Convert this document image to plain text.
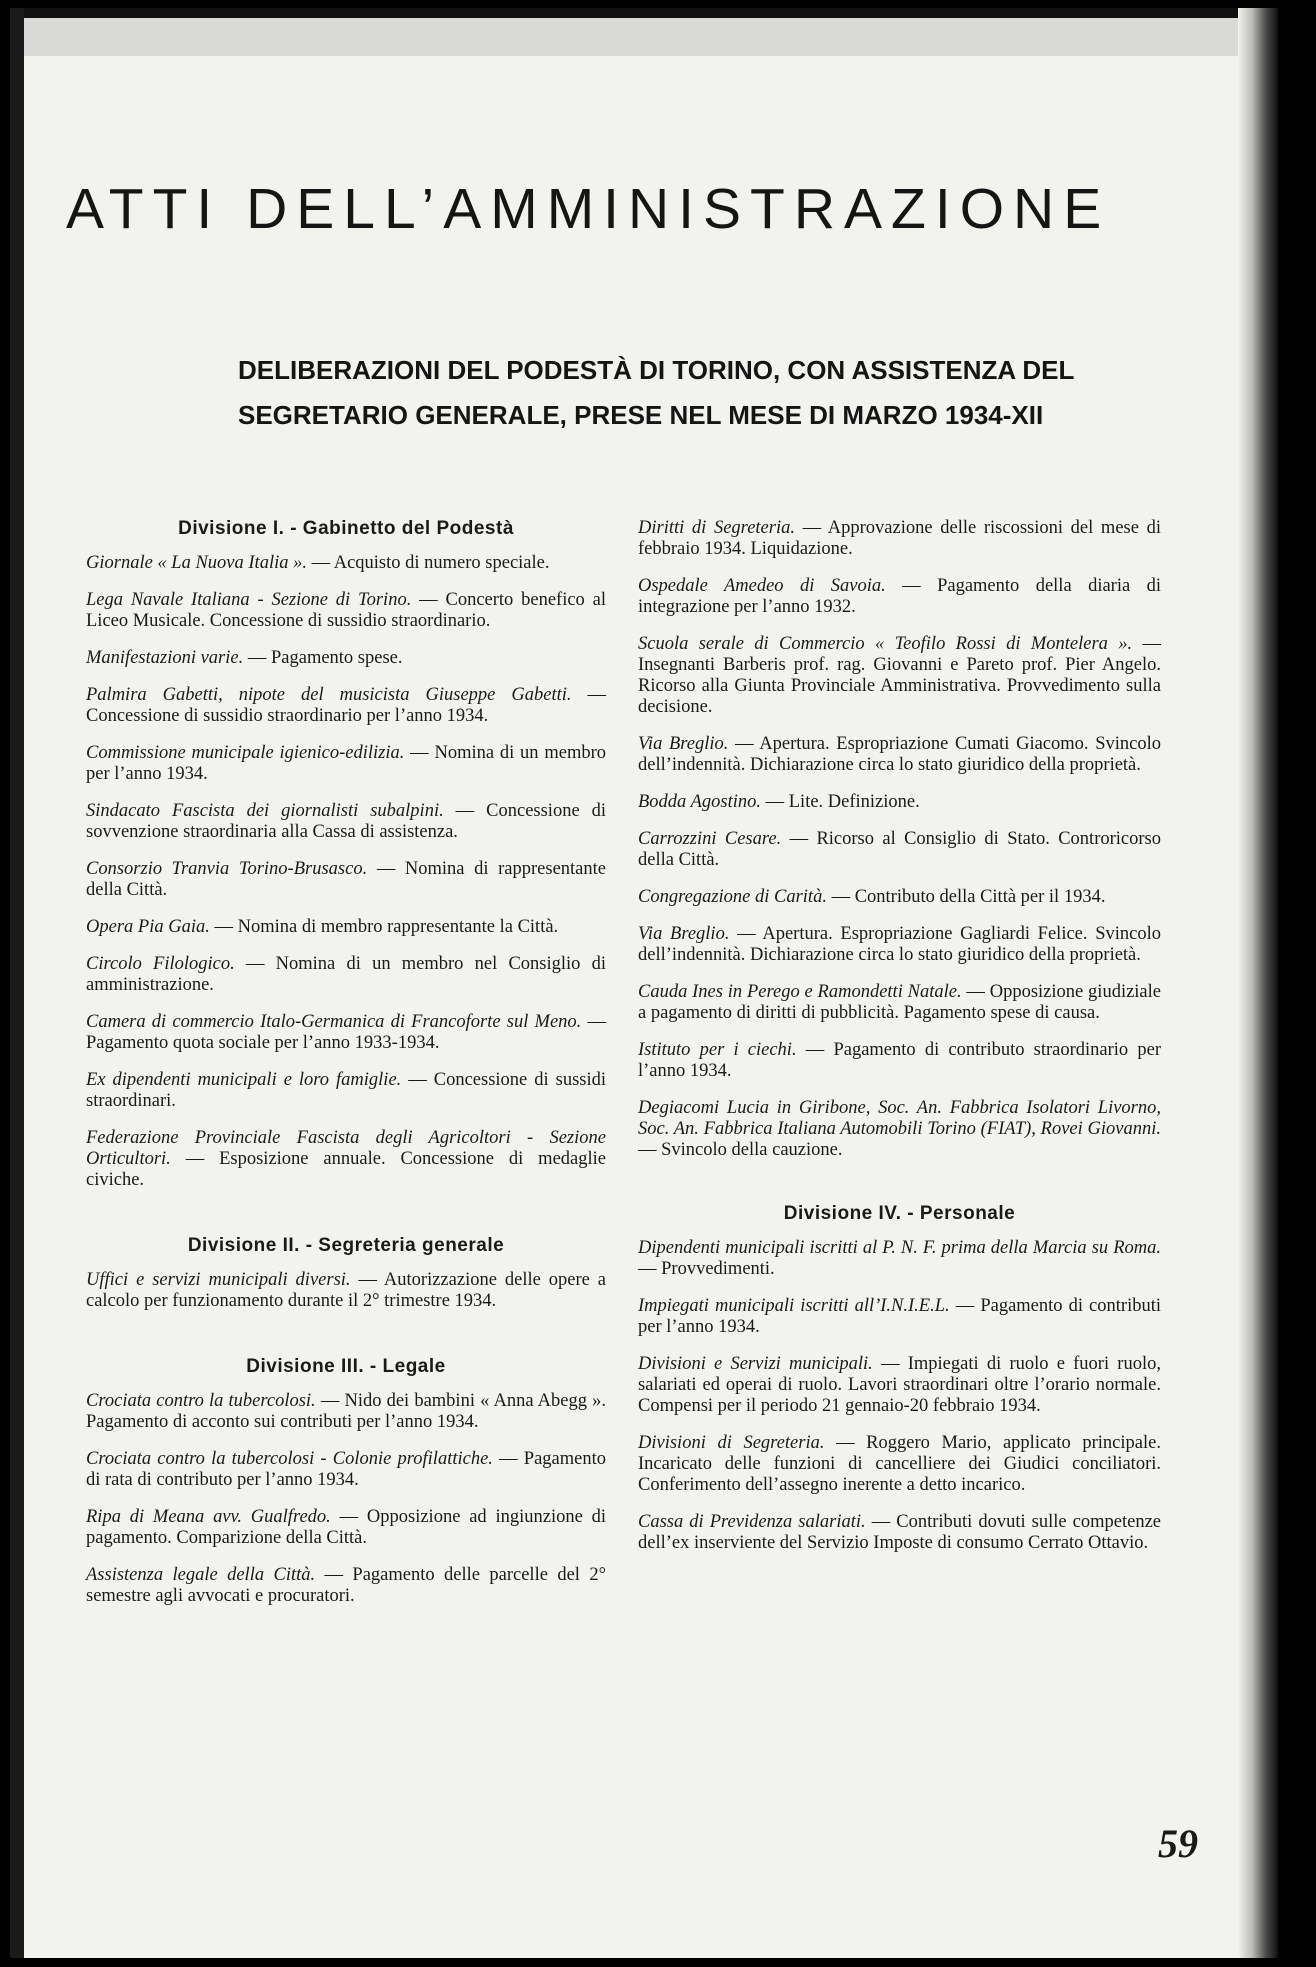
ATTI DELL’AMMINISTRAZIONE
DELIBERAZIONI DEL PODESTÀ DI TORINO, CON ASSISTENZA DEL
SEGRETARIO GENERALE, PRESE NEL MESE DI MARZO 1934-XII
Divisione I. - Gabinetto del Podestà

Giornale « La Nuova Italia ». — Acquisto di numero speciale.

Lega Navale Italiana - Sezione di Torino. — Concerto benefico al Liceo Musicale. Concessione di sussidio straordinario.

Manifestazioni varie. — Pagamento spese.

Palmira Gabetti, nipote del musicista Giuseppe Gabetti. — Concessione di sussidio straordinario per l’anno 1934.

Commissione municipale igienico-edilizia. — Nomina di un membro per l’anno 1934.

Sindacato Fascista dei giornalisti subalpini. — Concessione di sovvenzione straordinaria alla Cassa di assistenza.

Consorzio Tranvia Torino-Brusasco. — Nomina di rappresentante della Città.

Opera Pia Gaia. — Nomina di membro rappresentante la Città.

Circolo Filologico. — Nomina di un membro nel Consiglio di amministrazione.

Camera di commercio Italo-Germanica di Francoforte sul Meno. — Pagamento quota sociale per l’anno 1933-1934.

Ex dipendenti municipali e loro famiglie. — Concessione di sussidi straordinari.

Federazione Provinciale Fascista degli Agricoltori - Sezione Orticultori. — Esposizione annuale. Concessione di medaglie civiche.

Divisione II. - Segreteria generale

Uffici e servizi municipali diversi. — Autorizzazione delle opere a calcolo per funzionamento durante il 2° trimestre 1934.

Divisione III. - Legale

Crociata contro la tubercolosi. — Nido dei bambini « Anna Abegg ». Pagamento di acconto sui contributi per l’anno 1934.

Crociata contro la tubercolosi - Colonie profilattiche. — Pagamento di rata di contributo per l’anno 1934.

Ripa di Meana avv. Gualfredo. — Opposizione ad ingiunzione di pagamento. Comparizione della Città.

Assistenza legale della Città. — Pagamento delle parcelle del 2° semestre agli avvocati e procuratori.

Diritti di Segreteria. — Approvazione delle riscossioni del mese di febbraio 1934. Liquidazione.

Ospedale Amedeo di Savoia. — Pagamento della diaria di integrazione per l’anno 1932.

Scuola serale di Commercio « Teofilo Rossi di Montelera ». — Insegnanti Barberis prof. rag. Giovanni e Pareto prof. Pier Angelo. Ricorso alla Giunta Provinciale Amministrativa. Provvedimento sulla decisione.

Via Breglio. — Apertura. Espropriazione Cumati Giacomo. Svincolo dell’indennità. Dichiarazione circa lo stato giuridico della proprietà.

Bodda Agostino. — Lite. Definizione.

Carrozzini Cesare. — Ricorso al Consiglio di Stato. Controricorso della Città.

Congregazione di Carità. — Contributo della Città per il 1934.

Via Breglio. — Apertura. Espropriazione Gagliardi Felice. Svincolo dell’indennità. Dichiarazione circa lo stato giuridico della proprietà.

Cauda Ines in Perego e Ramondetti Natale. — Opposizione giudiziale a pagamento di diritti di pubblicità. Pagamento spese di causa.

Istituto per i ciechi. — Pagamento di contributo straordinario per l’anno 1934.

Degiacomi Lucia in Giribone, Soc. An. Fabbrica Isolatori Livorno, Soc. An. Fabbrica Italiana Automobili Torino (FIAT), Rovei Giovanni. — Svincolo della cauzione.

Divisione IV. - Personale

Dipendenti municipali iscritti al P. N. F. prima della Marcia su Roma. — Provvedimenti.

Impiegati municipali iscritti all’I.N.I.E.L. — Pagamento di contributi per l’anno 1934.

Divisioni e Servizi municipali. — Impiegati di ruolo e fuori ruolo, salariati ed operai di ruolo. Lavori straordinari oltre l’orario normale. Compensi per il periodo 21 gennaio-20 febbraio 1934.

Divisioni di Segreteria. — Roggero Mario, applicato principale. Incaricato delle funzioni di cancelliere dei Giudici conciliatori. Conferimento dell’assegno inerente a detto incarico.

Cassa di Previdenza salariati. — Contributi dovuti sulle competenze dell’ex inserviente del Servizio Imposte di consumo Cerrato Ottavio.

59
